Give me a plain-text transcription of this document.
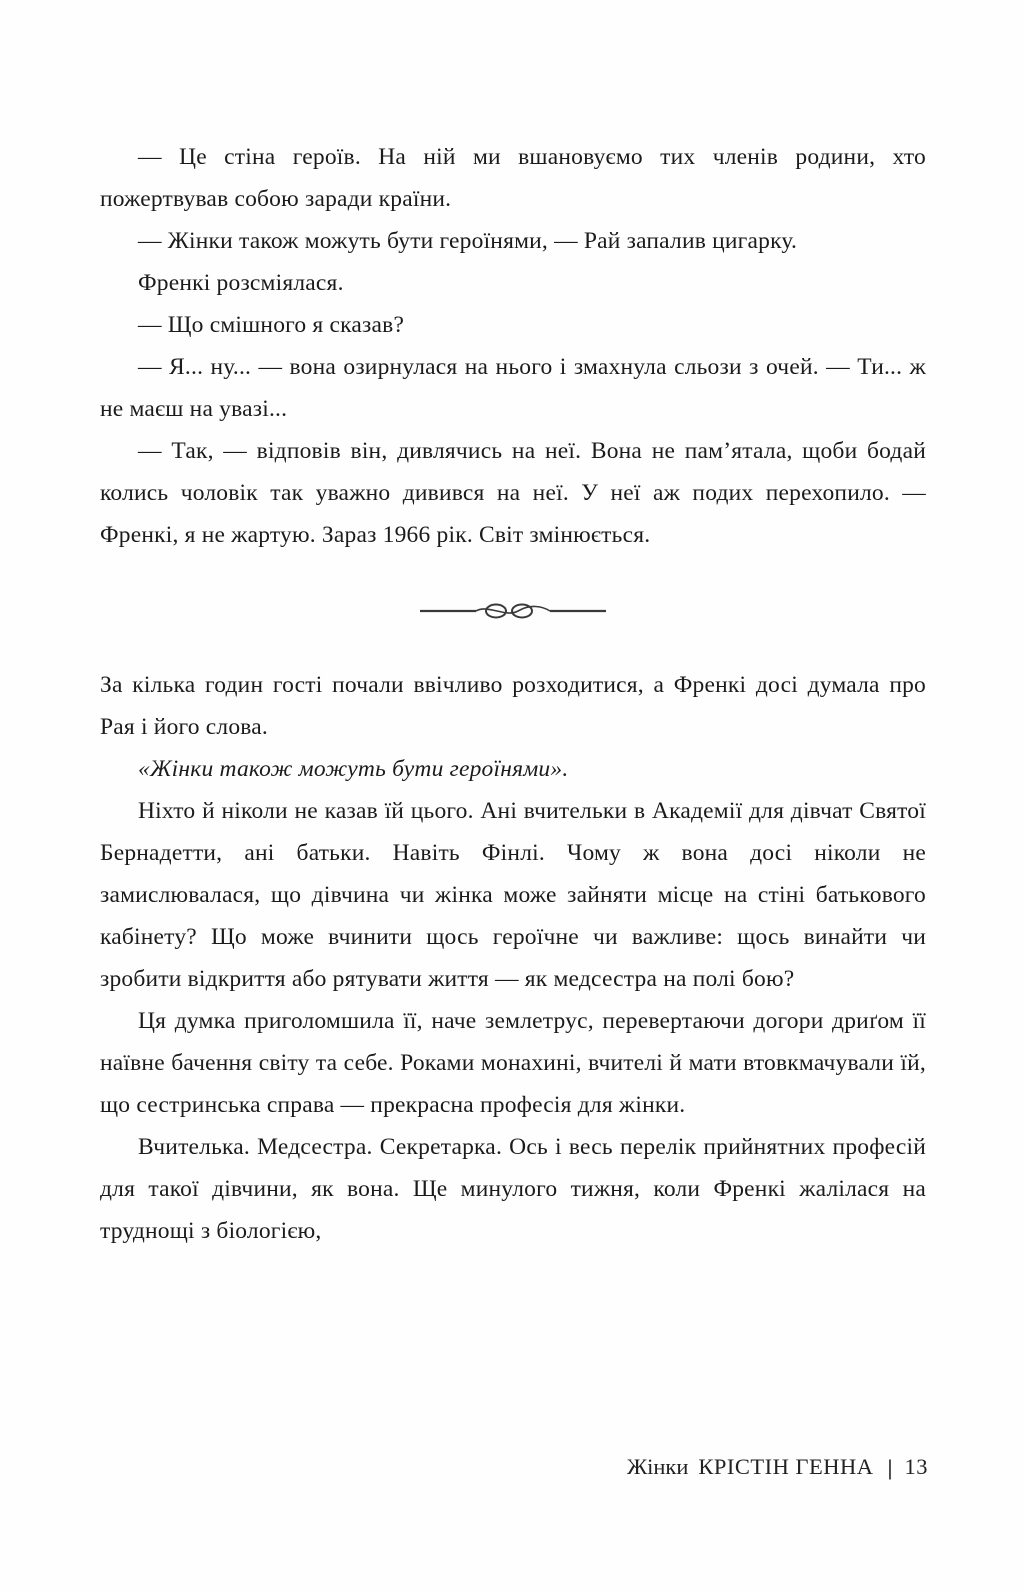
— Це стіна героїв. На ній ми вшановуємо тих членів родини, хто пожертвував собою заради країни.

— Жінки також можуть бути героїнями, — Рай запалив цигарку.

Френкі розсміялася.

— Що смішного я сказав?

— Я... ну... — вона озирнулася на нього і змахнула сльози з очей. — Ти... ж не маєш на увазі...

— Так, — відповів він, дивлячись на неї. Вона не пам’ятала, щоби бодай колись чоловік так уважно дивився на неї. У неї аж подих перехопило. — Френкі, я не жартую. Зараз 1966 рік. Світ змінюється.

За кілька годин гості почали ввічливо розходитися, а Френкі досі думала про Рая і його слова.

«Жінки також можуть бути героїнями».

Ніхто й ніколи не казав їй цього. Ані вчительки в Академії для дівчат Святої Бернадетти, ані батьки. Навіть Фінлі. Чому ж вона досі ніколи не замислювалася, що дівчина чи жінка може зайняти місце на стіні батькового кабінету? Що може вчинити щось героїчне чи важливе: щось винайти чи зробити відкриття або рятувати життя — як медсестра на полі бою?

Ця думка приголомшила її, наче землетрус, перевертаючи догори дриґом її наївне бачення світу та себе. Роками монахині, вчителі й мати втовкмачували їй, що сестринська справа — прекрасна професія для жінки.

Вчителька. Медсестра. Секретарка. Ось і весь перелік прийнятних професій для такої дівчини, як вона. Ще минулого тижня, коли Френкі жалілася на труднощі з біологією,

Жінки КРІСТІН ГЕННА | 13
